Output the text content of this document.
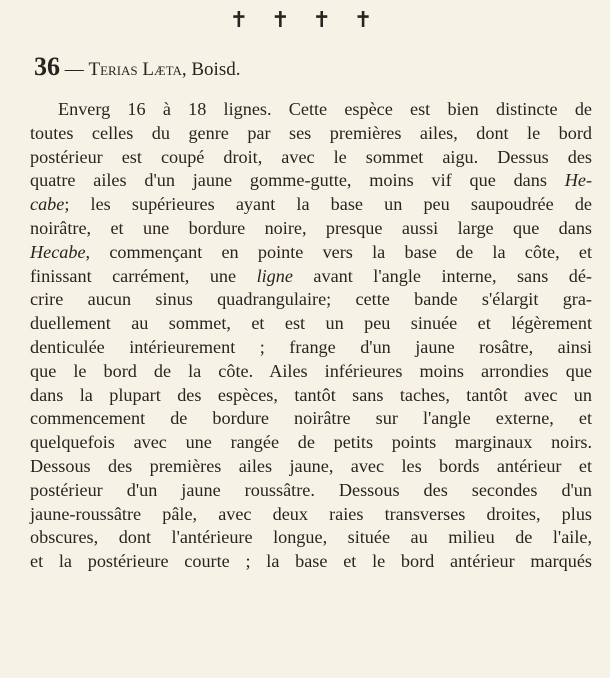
✝ ✝ ✝ ✝
36 — Terias Læta, Boisd.
Enverg 16 à 18 lignes. Cette espèce est bien distincte de
toutes celles du genre par ses premières ailes, dont le bord
postérieur est coupé droit, avec le sommet aigu. Dessus des
quatre ailes d'un jaune gomme-gutte, moins vif que dans He-
cabe; les supérieures ayant la base un peu saupoudrée de
noirâtre, et une bordure noire, presque aussi large que dans
Hecabe, commençant en pointe vers la base de la côte, et
finissant carrément, une ligne avant l'angle interne, sans dé-
crire aucun sinus quadrangulaire; cette bande s'élargit gra-
duellement au sommet, et est un peu sinuée et légèrement
denticulée intérieurement ; frange d'un jaune rosâtre, ainsi
que le bord de la côte. Ailes inférieures moins arrondies que
dans la plupart des espèces, tantôt sans taches, tantôt avec un
commencement de bordure noirâtre sur l'angle externe, et
quelquefois avec une rangée de petits points marginaux noirs.
Dessous des premières ailes jaune, avec les bords antérieur et
postérieur d'un jaune roussâtre. Dessous des secondes d'un
jaune-roussâtre pâle, avec deux raies transverses droites, plus
obscures, dont l'antérieure longue, située au milieu de l'aile,
et la postérieure courte ; la base et le bord antérieur marqués
